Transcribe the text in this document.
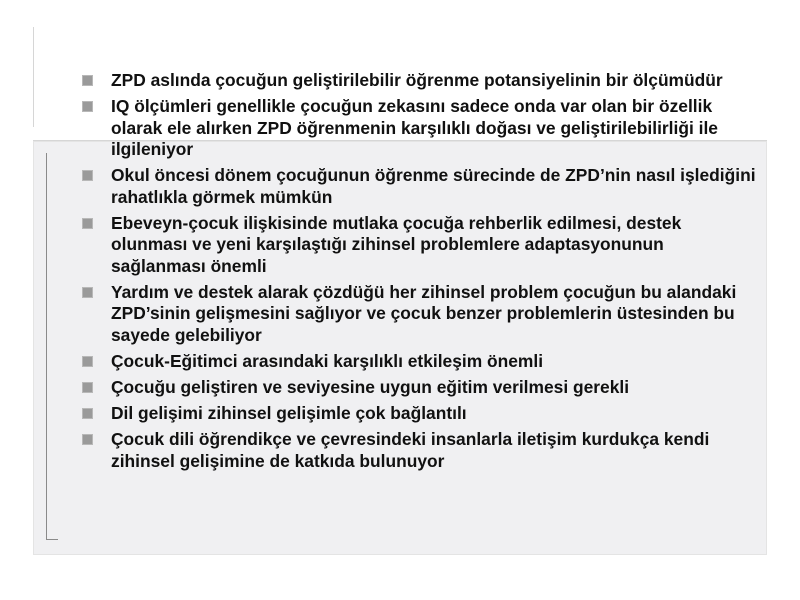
ZPD aslında çocuğun geliştirilebilir öğrenme potansiyelinin bir ölçümüdür
IQ ölçümleri genellikle çocuğun zekasını sadece onda var olan bir özellik olarak ele alırken ZPD öğrenmenin karşılıklı doğası ve geliştirilebilirliği ile ilgileniyor
Okul öncesi dönem çocuğunun öğrenme sürecinde de ZPD’nin nasıl işlediğini rahatlıkla görmek mümkün
Ebeveyn-çocuk ilişkisinde mutlaka çocuğa rehberlik edilmesi, destek olunması ve yeni karşılaştığı zihinsel problemlere adaptasyonunun sağlanması önemli
Yardım ve destek alarak çözdüğü her zihinsel problem çocuğun bu alandaki ZPD’sinin gelişmesini sağlıyor ve çocuk benzer problemlerin üstesinden bu sayede gelebiliyor
Çocuk-Eğitimci arasındaki karşılıklı etkileşim önemli
Çocuğu geliştiren ve seviyesine uygun eğitim verilmesi gerekli
Dil gelişimi zihinsel gelişimle çok bağlantılı
Çocuk dili öğrendikçe ve çevresindeki insanlarla iletişim kurdukça kendi zihinsel gelişimine de katkıda bulunuyor
